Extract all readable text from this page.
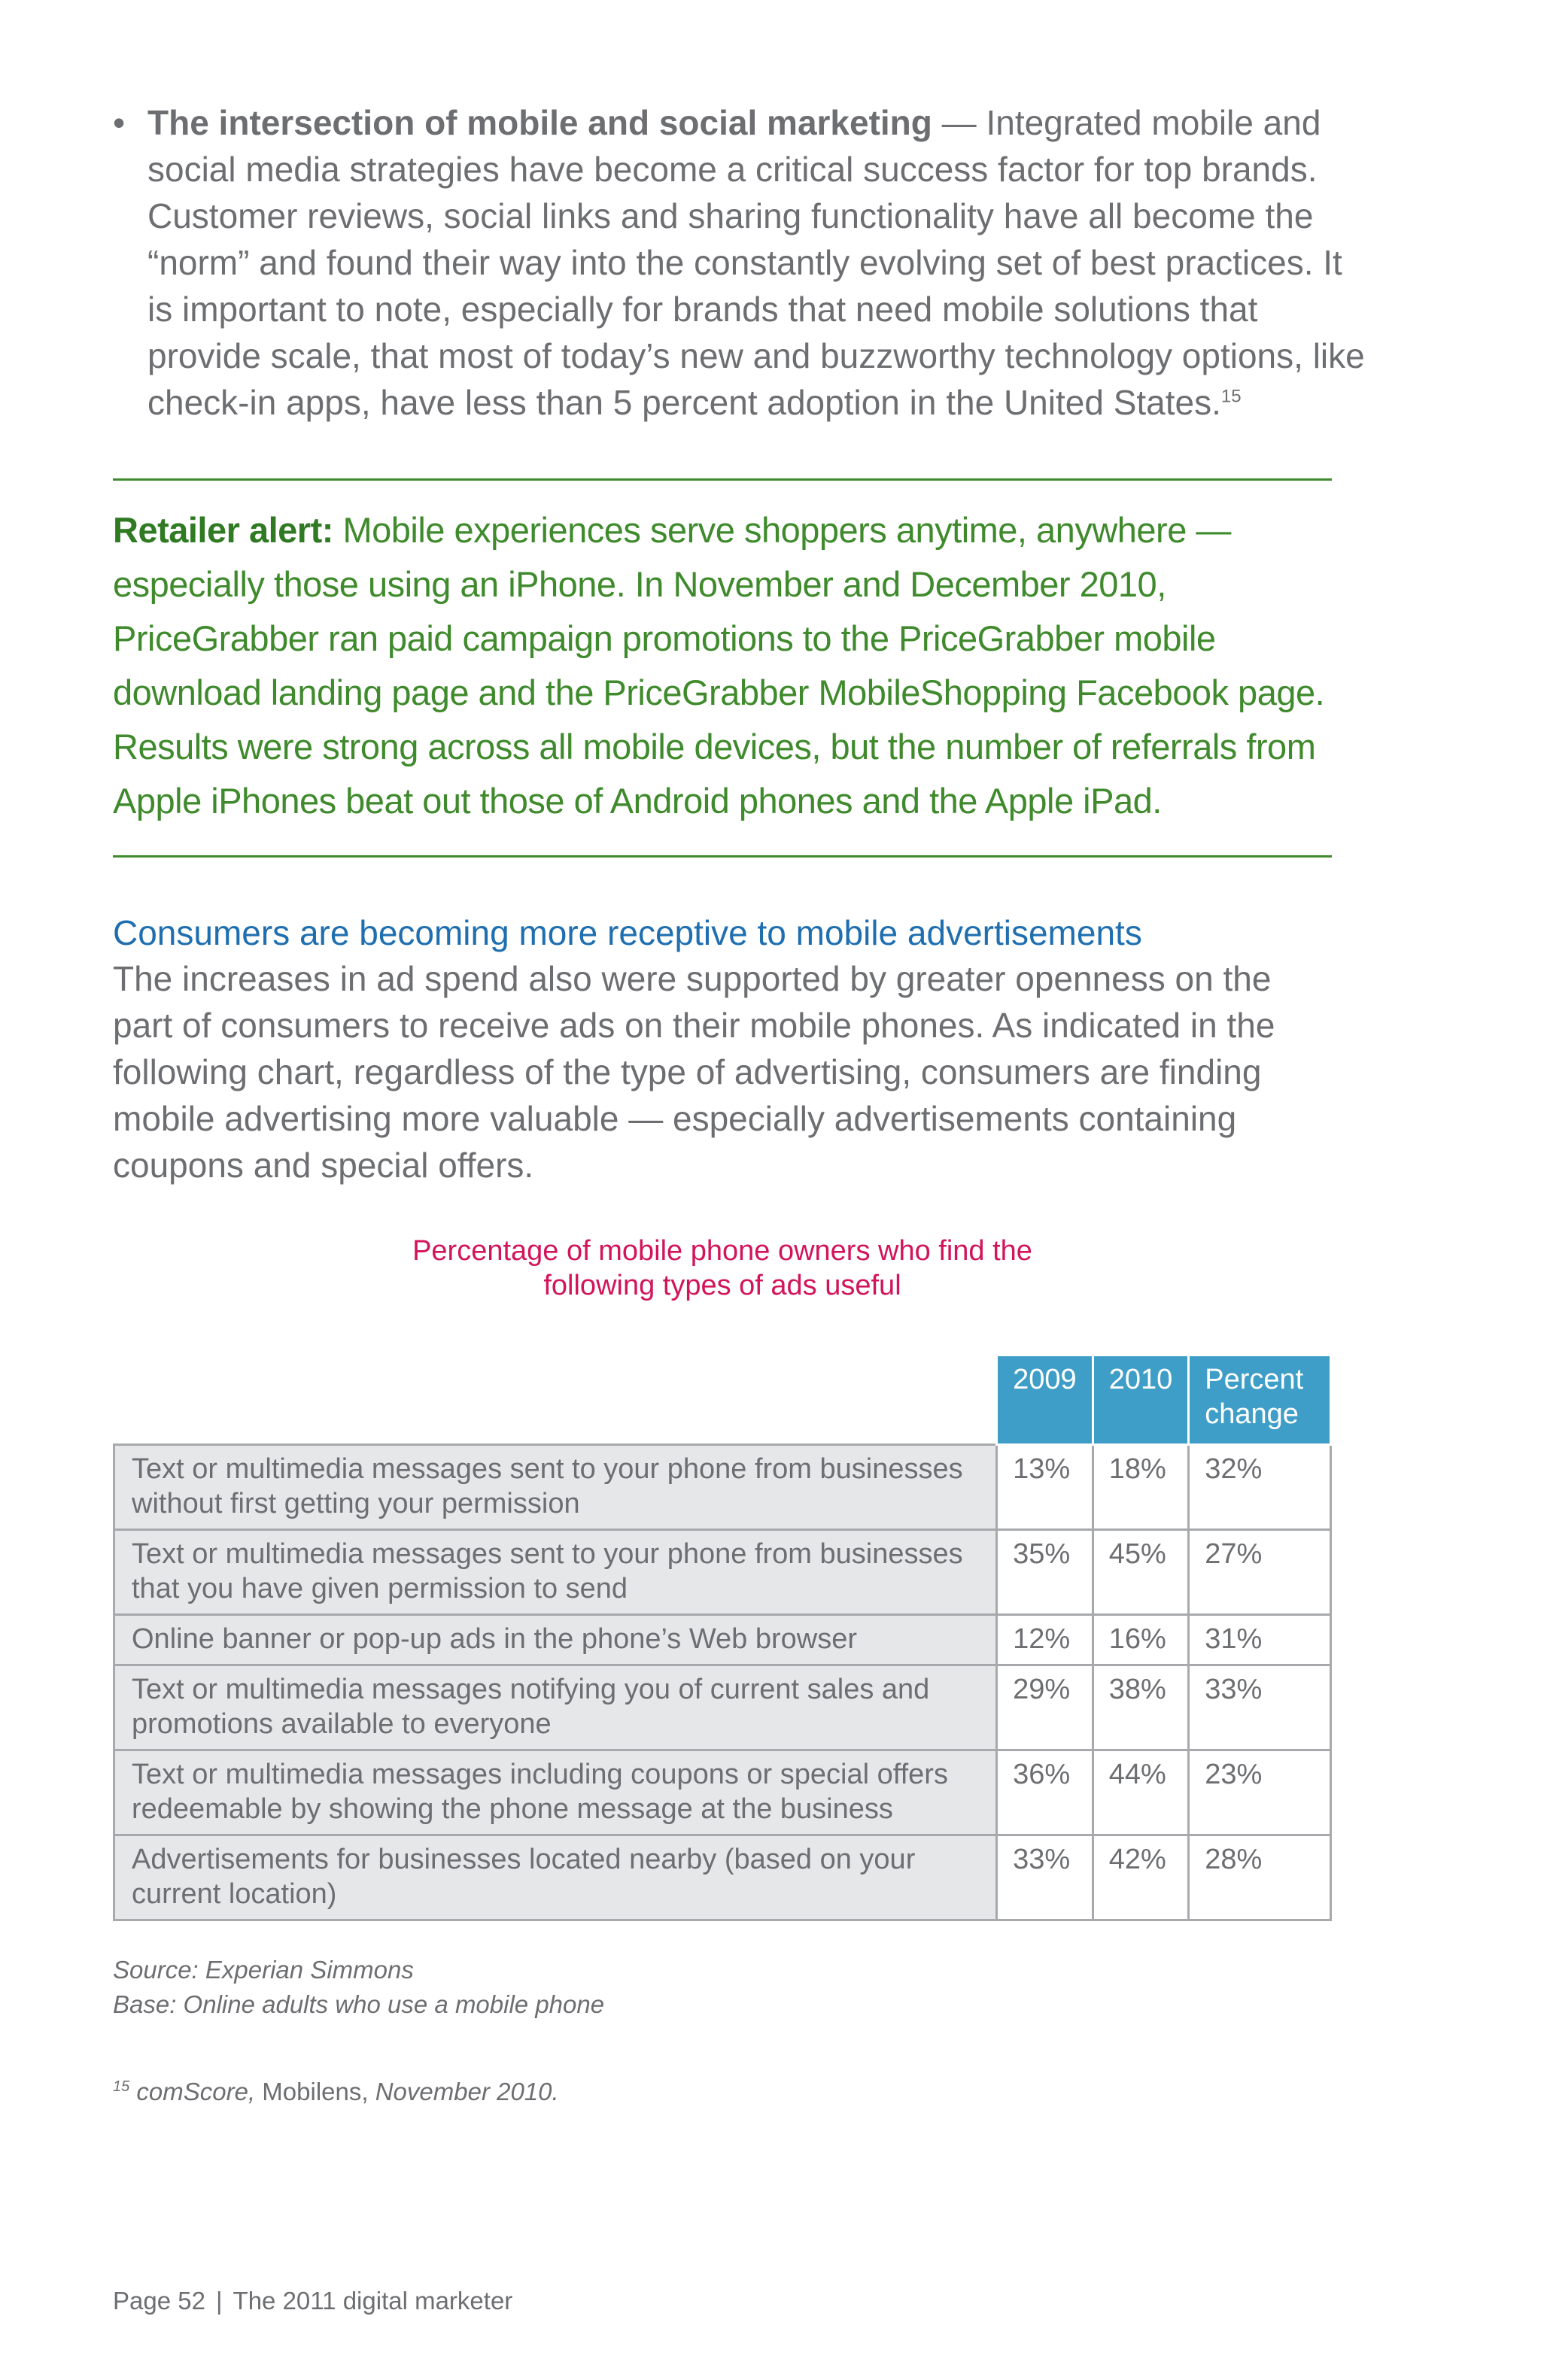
• The intersection of mobile and social marketing — Integrated mobile and social media strategies have become a critical success factor for top brands. Customer reviews, social links and sharing functionality have all become the “norm” and found their way into the constantly evolving set of best practices. It is important to note, especially for brands that need mobile solutions that provide scale, that most of today’s new and buzzworthy technology options, like check-in apps, have less than 5 percent adoption in the United States.$^{15}$
Retailer alert: Mobile experiences serve shoppers anytime, anywhere — especially those using an iPhone. In November and December 2010, PriceGrabber ran paid campaign promotions to the PriceGrabber mobile download landing page and the PriceGrabber MobileShopping Facebook page. Results were strong across all mobile devices, but the number of referrals from Apple iPhones beat out those of Android phones and the Apple iPad.
Consumers are becoming more receptive to mobile advertisements
The increases in ad spend also were supported by greater openness on the part of consumers to receive ads on their mobile phones. As indicated in the following chart, regardless of the type of advertising, consumers are finding mobile advertising more valuable — especially advertisements containing coupons and special offers.
Percentage of mobile phone owners who find the
following types of ads useful
	2009	2010	Percent change
Text or multimedia messages sent to your phone from businesses without first getting your permission	13%	18%	32%
Text or multimedia messages sent to your phone from businesses that you have given permission to send	35%	45%	27%
Online banner or pop-up ads in the phone’s Web browser	12%	16%	31%
Text or multimedia messages notifying you of current sales and promotions available to everyone	29%	38%	33%
Text or multimedia messages including coupons or special offers redeemable by showing the phone message at the business	36%	44%	23%
Advertisements for businesses located nearby (based on your current location)	33%	42%	28%
Source: Experian Simmons
Base: Online adults who use a mobile phone
$^{15}$ comScore, Mobilens, November 2010.
Page 52 | The 2011 digital marketer
